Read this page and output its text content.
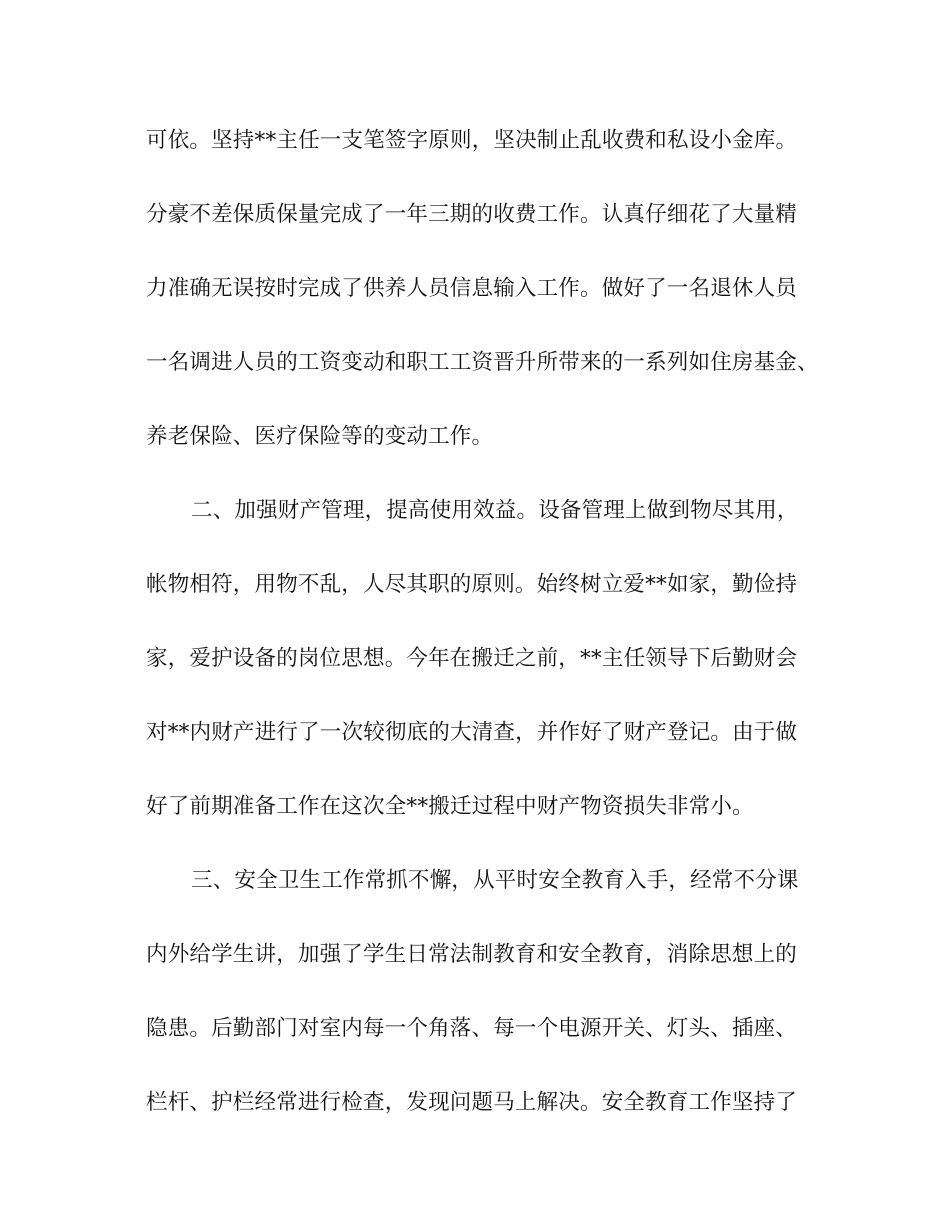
可依。坚持**主任一支笔签字原则，坚决制止乱收费和私设小金库。
分豪不差保质保量完成了一年三期的收费工作。认真仔细花了大量精
力准确无误按时完成了供养人员信息输入工作。做好了一名退休人员
一名调进人员的工资变动和职工工资晋升所带来的一系列如住房基金、
养老保险、医疗保险等的变动工作。
二、加强财产管理，提高使用效益。设备管理上做到物尽其用，
帐物相符，用物不乱，人尽其职的原则。始终树立爱**如家，勤俭持
家，爱护设备的岗位思想。今年在搬迁之前，**主任领导下后勤财会
对**内财产进行了一次较彻底的大清查，并作好了财产登记。由于做
好了前期准备工作在这次全**搬迁过程中财产物资损失非常小。
三、安全卫生工作常抓不懈，从平时安全教育入手，经常不分课
内外给学生讲，加强了学生日常法制教育和安全教育，消除思想上的
隐患。后勤部门对室内每一个角落、每一个电源开关、灯头、插座、
栏杆、护栏经常进行检查，发现问题马上解决。安全教育工作坚持了
